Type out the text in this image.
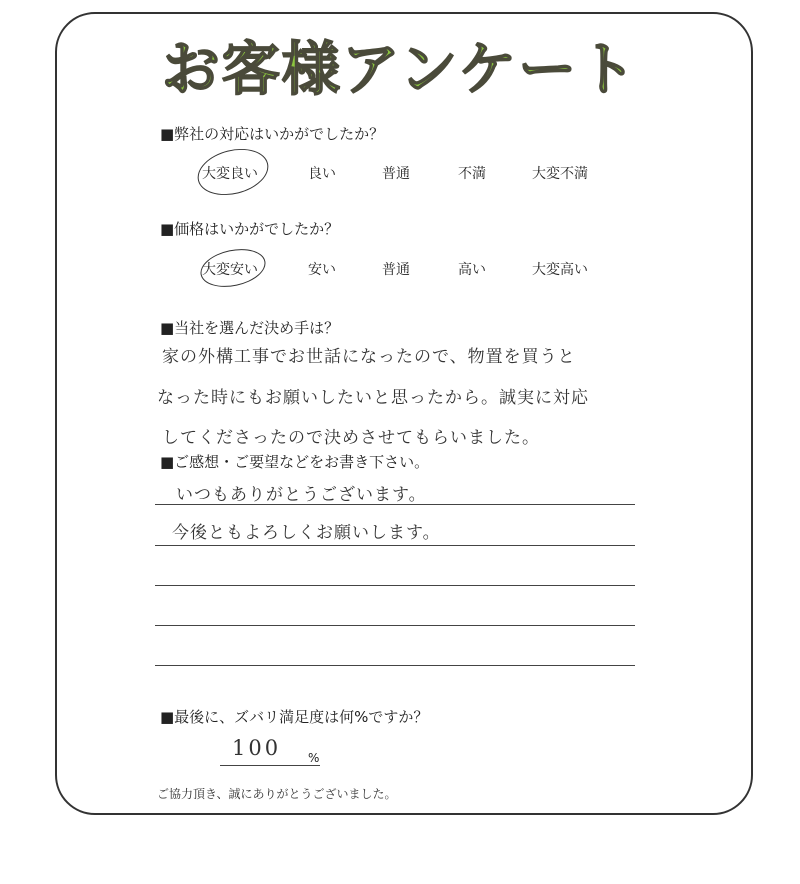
お客様アンケート
■弊社の対応はいかがでしたか？
大変良い	良い	普通	不満	大変不満
■価格はいかがでしたか？
大変安い	安い	普通	高い	大変高い
■当社を選んだ決め手は？
家の外構工事でお世話になったので、物置を買うと
なった時にもお願いしたいと思ったから。誠実に対応
してくださったので決めさせてもらいました。
■ご感想・ご要望などをお書き下さい。
いつもありがとうございます。
今後ともよろしくお願いします。
■最後に、ズバリ満足度は何%ですか？
100 %
ご協力頂き、誠にありがとうございました。
